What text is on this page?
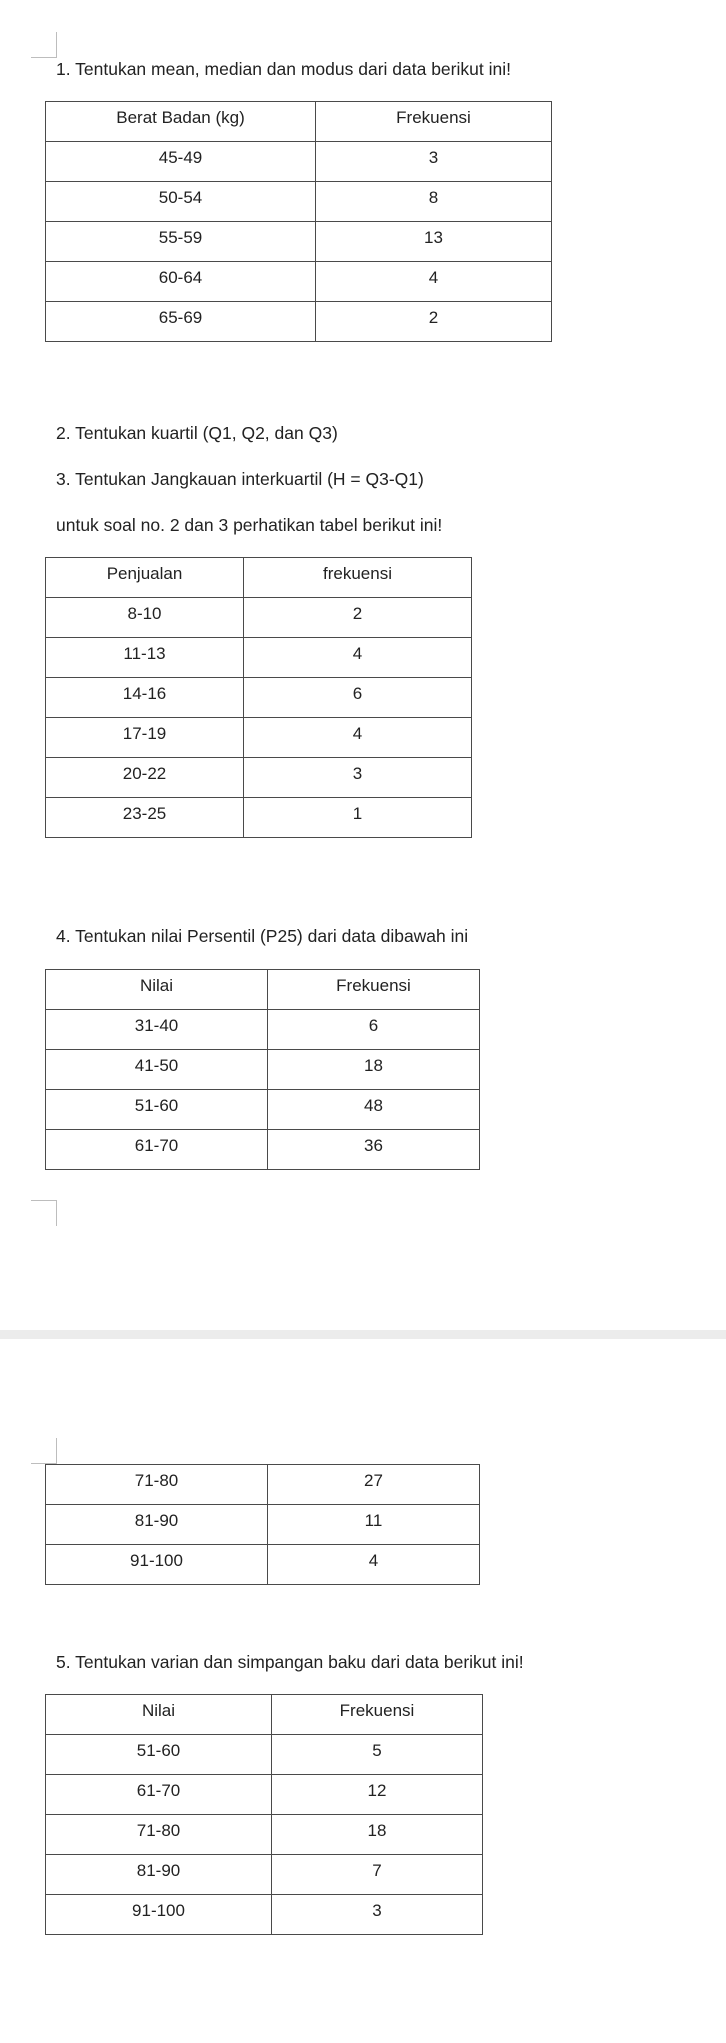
1. Tentukan mean, median dan modus dari data berikut ini!

Berat Badan (kg)	Frekuensi
45-49	3
50-54	8
55-59	13
60-64	4
65-69	2

2. Tentukan kuartil (Q1, Q2, dan Q3)

3. Tentukan Jangkauan interkuartil (H = Q3-Q1)

untuk soal no. 2 dan 3 perhatikan tabel berikut ini!

Penjualan	frekuensi
8-10	2
11-13	4
14-16	6
17-19	4
20-22	3
23-25	1

4. Tentukan nilai Persentil (P25) dari data dibawah ini

Nilai	Frekuensi
31-40	6
41-50	18
51-60	48
61-70	36
71-80	27
81-90	11
91-100	4

5. Tentukan varian dan simpangan baku dari data berikut ini!

Nilai	Frekuensi
51-60	5
61-70	12
71-80	18
81-90	7
91-100	3
